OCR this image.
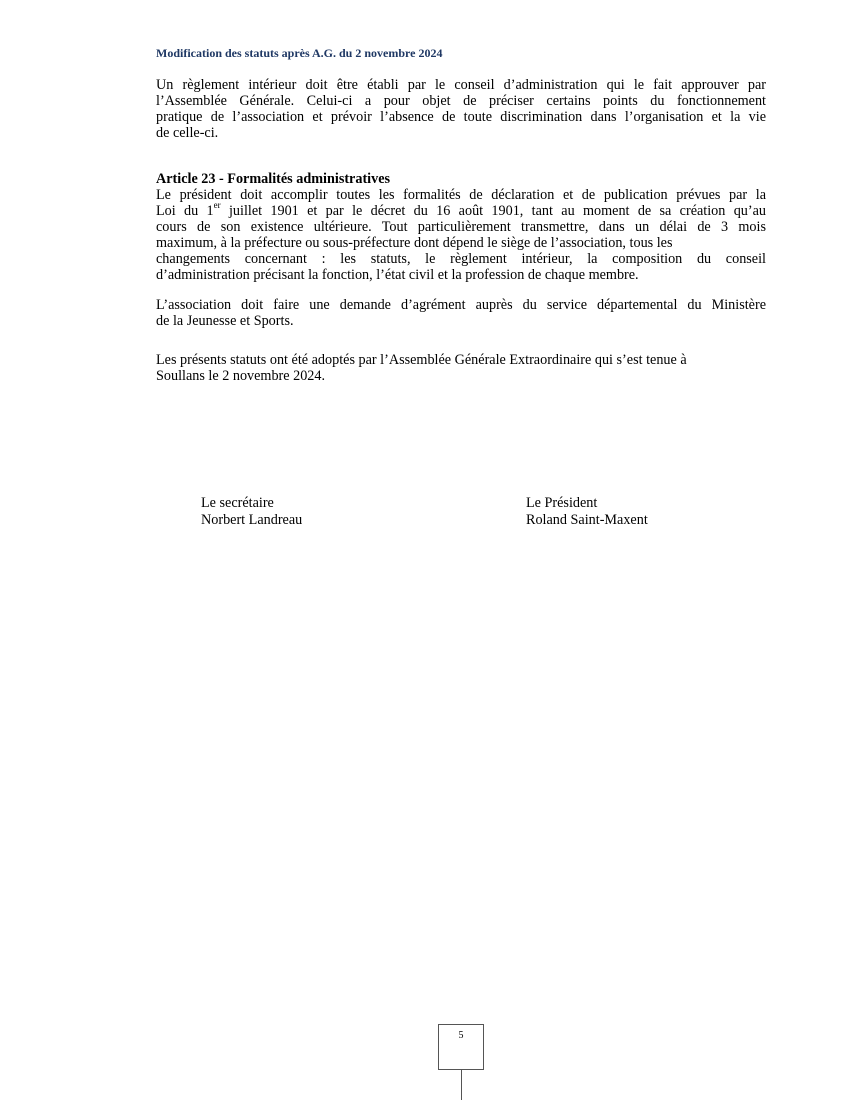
Modification des statuts après A.G. du 2 novembre 2024
Un règlement intérieur doit être établi par le conseil d’administration qui le fait approuver par
l’Assemblée Générale. Celui-ci a pour objet de préciser certains points du fonctionnement
pratique de l’association et prévoir l’absence de toute discrimination dans l’organisation et la vie
de celle-ci.
Article 23 - Formalités administratives
Le président doit accomplir toutes les formalités de déclaration et de publication prévues par la
Loi du 1er juillet 1901 et par le décret du 16 août 1901, tant au moment de sa création qu’au
cours de son existence ultérieure. Tout particulièrement transmettre, dans un délai de 3 mois
maximum, à la préfecture ou sous-préfecture dont dépend le siège de l’association, tous les
changements concernant : les statuts, le règlement intérieur, la composition du conseil
d’administration précisant la fonction, l’état civil et la profession de chaque membre.
L’association doit faire une demande d’agrément auprès du service départemental du Ministère
de la Jeunesse et Sports.
Les présents statuts ont été adoptés par l’Assemblée Générale Extraordinaire qui s’est tenue à
Soullans le 2 novembre 2024.
Le secrétaire
Norbert Landreau
Le Président
Roland Saint-Maxent
5
